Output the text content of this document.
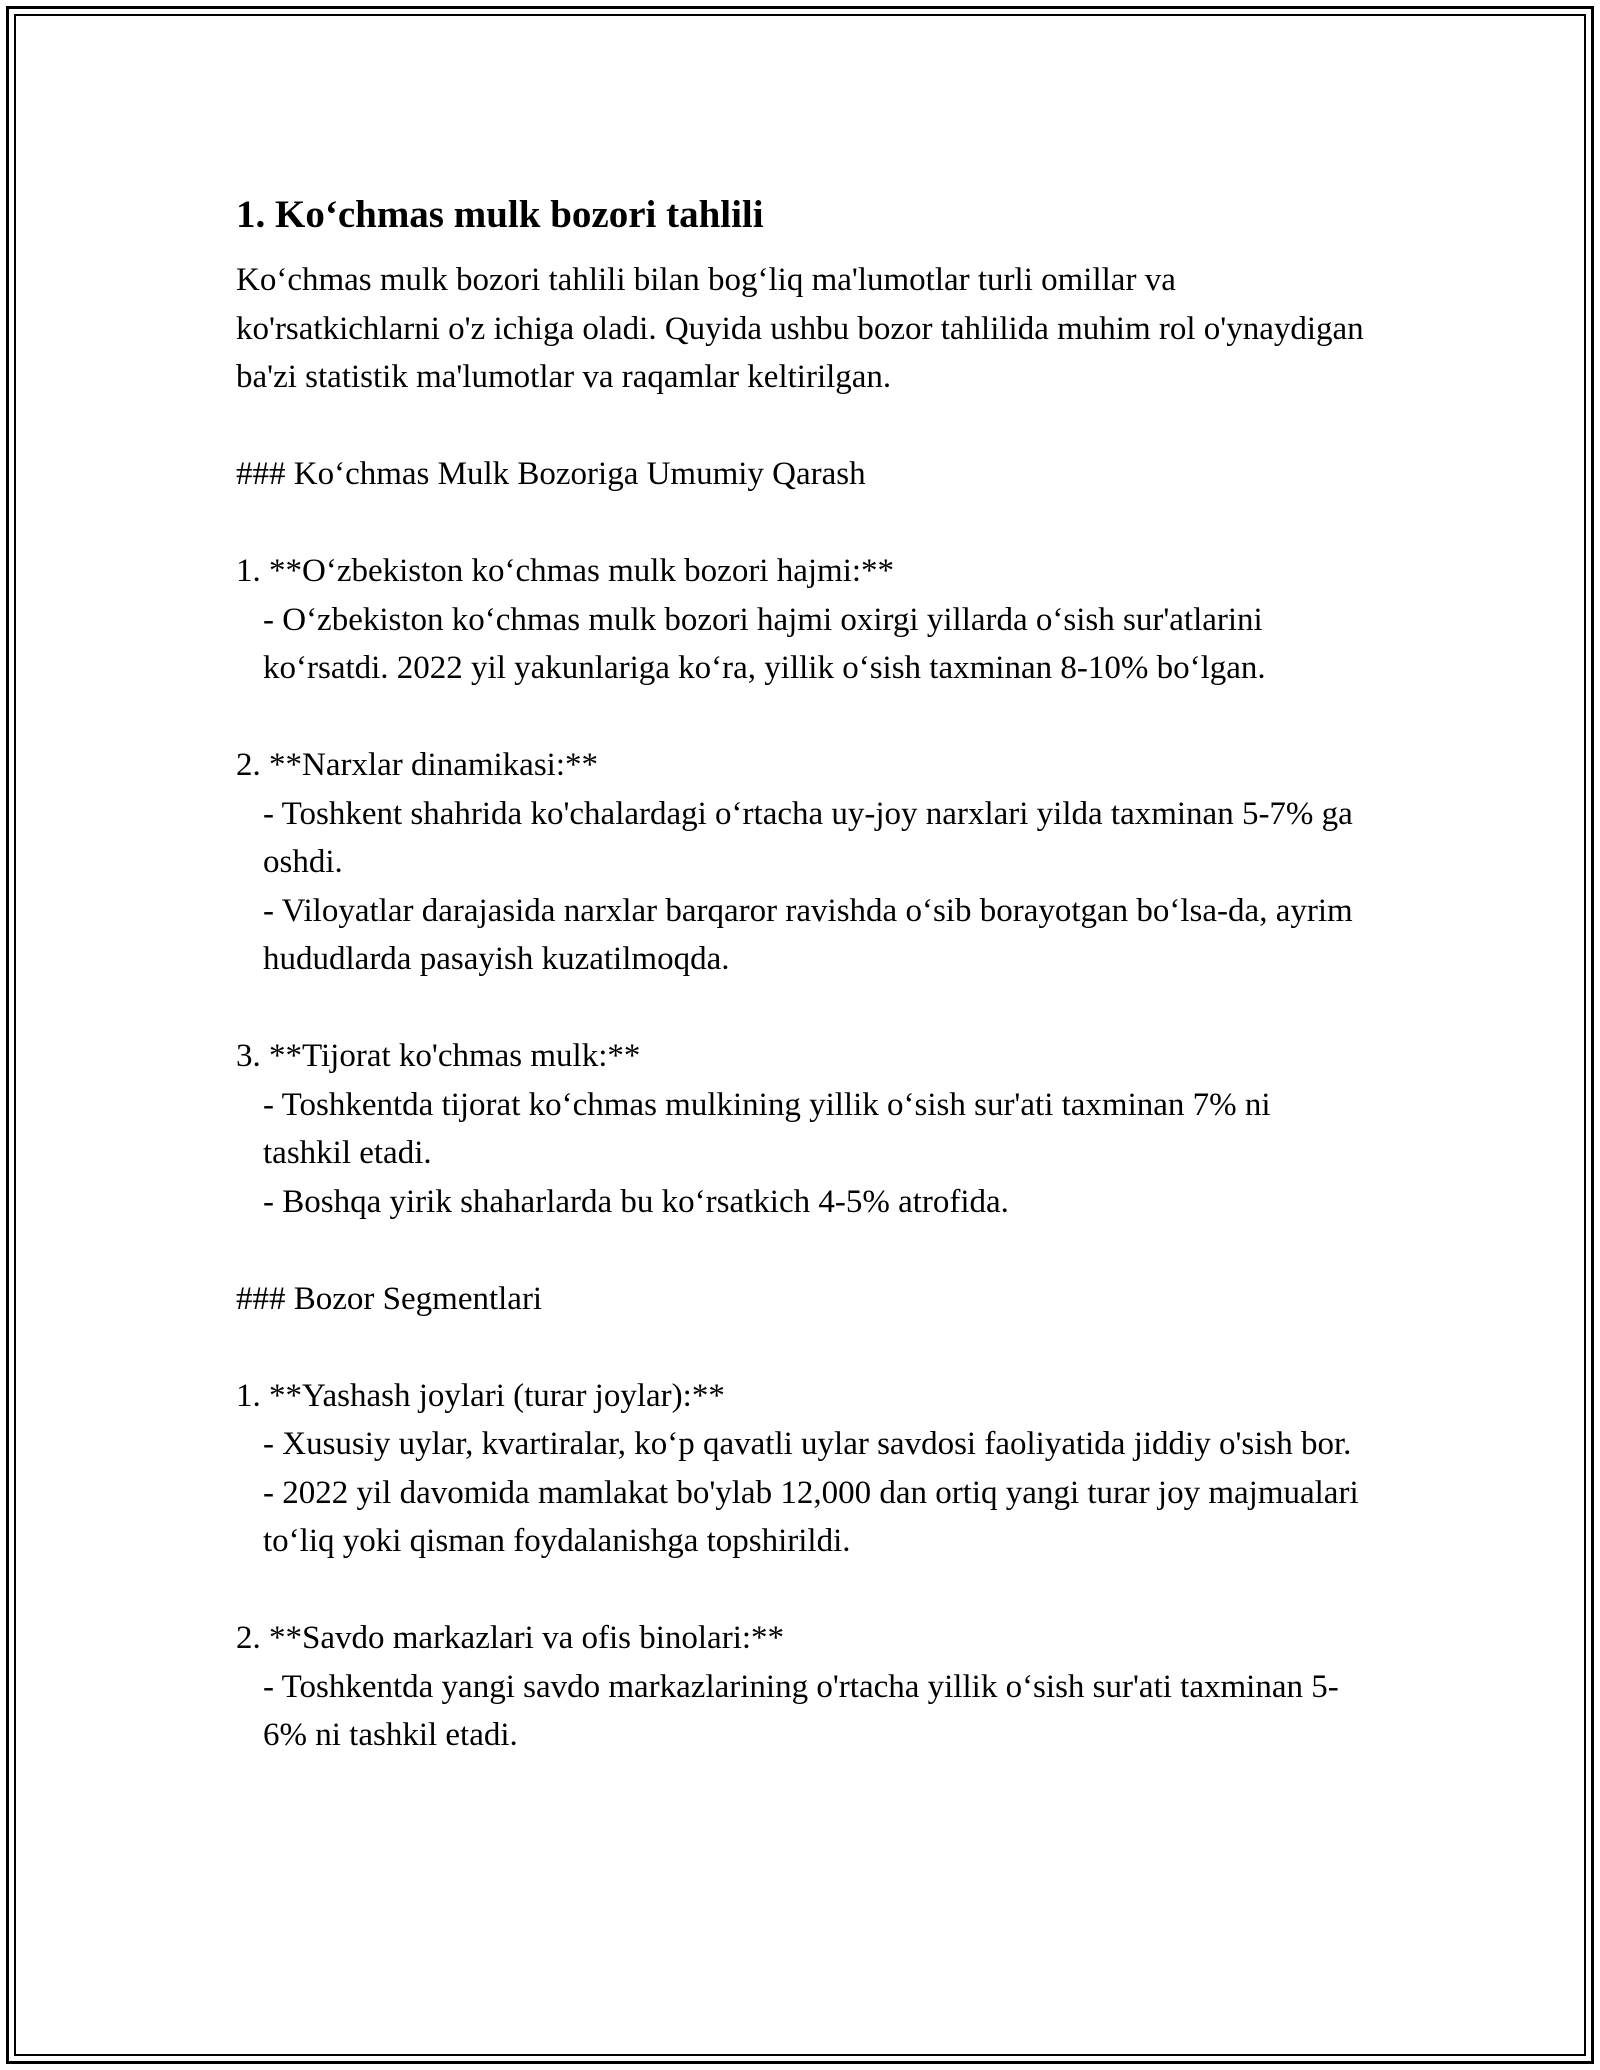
1. Ko‘chmas mulk bozori tahlili

Ko‘chmas mulk bozori tahlili bilan bog‘liq ma'lumotlar turli omillar va ko'rsatkichlarni o'z ichiga oladi. Quyida ushbu bozor tahlilida muhim rol o'ynaydigan ba'zi statistik ma'lumotlar va raqamlar keltirilgan.

### Ko‘chmas Mulk Bozoriga Umumiy Qarash

1. **O‘zbekiston ko‘chmas mulk bozori hajmi:**
- O‘zbekiston ko‘chmas mulk bozori hajmi oxirgi yillarda o‘sish sur'atlarini ko‘rsatdi. 2022 yil yakunlariga ko‘ra, yillik o‘sish taxminan 8-10% bo‘lgan.
2. **Narxlar dinamikasi:**
- Toshkent shahrida ko'chalardagi o‘rtacha uy-joy narxlari yilda taxminan 5-7% ga oshdi.
- Viloyatlar darajasida narxlar barqaror ravishda o‘sib borayotgan bo‘lsa-da, ayrim hududlarda pasayish kuzatilmoqda.
3. **Tijorat ko'chmas mulk:**
- Toshkentda tijorat ko‘chmas mulkining yillik o‘sish sur'ati taxminan 7% ni tashkil etadi.
- Boshqa yirik shaharlarda bu ko‘rsatkich 4-5% atrofida.

### Bozor Segmentlari

1. **Yashash joylari (turar joylar):**
- Xususiy uylar, kvartiralar, ko‘p qavatli uylar savdosi faoliyatida jiddiy o'sish bor.
- 2022 yil davomida mamlakat bo'ylab 12,000 dan ortiq yangi turar joy majmualari to‘liq yoki qisman foydalanishga topshirildi.
2. **Savdo markazlari va ofis binolari:**
- Toshkentda yangi savdo markazlarining o'rtacha yillik o‘sish sur'ati taxminan 5-6% ni tashkil etadi.
